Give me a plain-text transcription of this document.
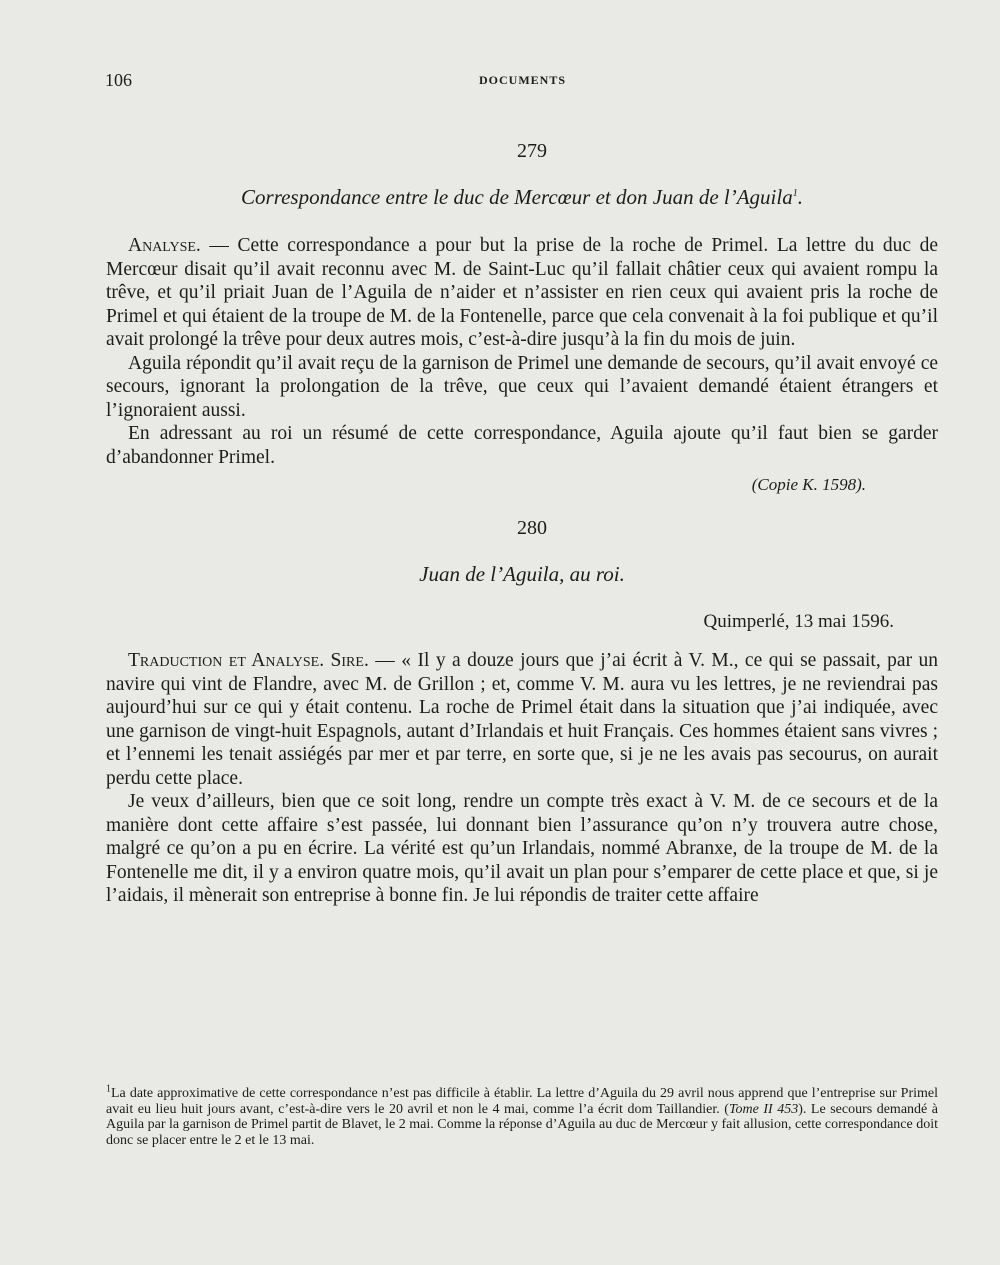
106	DOCUMENTS
279
Correspondance entre le duc de Mercœur et don Juan de l’Aguila$^1$.

Analyse. — Cette correspondance a pour but la prise de la roche de Primel. La lettre du duc de Mercœur disait qu’il avait reconnu avec M. de Saint-Luc qu’il fallait châtier ceux qui avaient rompu la trêve, et qu’il priait Juan de l’Aguila de n’aider et n’assister en rien ceux qui avaient pris la roche de Primel et qui étaient de la troupe de M. de la Fontenelle, parce que cela convenait à la foi publique et qu’il avait prolongé la trêve pour deux autres mois, c’est-à-dire jusqu’à la fin du mois de juin.

Aguila répondit qu’il avait reçu de la garnison de Primel une demande de secours, qu’il avait envoyé ce secours, ignorant la prolongation de la trêve, que ceux qui l’avaient demandé étaient étrangers et l’ignoraient aussi.

En adressant au roi un résumé de cette correspondance, Aguila ajoute qu’il faut bien se garder d’abandonner Primel.

(Copie K. 1598).
280
Juan de l’Aguila, au roi.
Quimperlé, 13 mai 1596.

Traduction et Analyse. Sire. — « Il y a douze jours que j’ai écrit à V. M., ce qui se passait, par un navire qui vint de Flandre, avec M. de Grillon ; et, comme V. M. aura vu les lettres, je ne reviendrai pas aujourd’hui sur ce qui y était contenu. La roche de Primel était dans la situation que j’ai indiquée, avec une garnison de vingt-huit Espagnols, autant d’Irlandais et huit Français. Ces hommes étaient sans vivres ; et l’ennemi les tenait assiégés par mer et par terre, en sorte que, si je ne les avais pas secourus, on aurait perdu cette place.

Je veux d’ailleurs, bien que ce soit long, rendre un compte très exact à V. M. de ce secours et de la manière dont cette affaire s’est passée, lui donnant bien l’assurance qu’on n’y trouvera autre chose, malgré ce qu’on a pu en écrire. La vérité est qu’un Irlandais, nommé Abranxe, de la troupe de M. de la Fontenelle me dit, il y a environ quatre mois, qu’il avait un plan pour s’emparer de cette place et que, si je l’aidais, il mènerait son entreprise à bonne fin. Je lui répondis de traiter cette affaire

$^1$La date approximative de cette correspondance n’est pas difficile à établir. La lettre d’Aguila du 29 avril nous apprend que l’entreprise sur Primel avait eu lieu huit jours avant, c’est-à-dire vers le 20 avril et non le 4 mai, comme l’a écrit dom Taillandier. (Tome II 453). Le secours demandé à Aguila par la garnison de Primel partit de Blavet, le 2 mai. Comme la réponse d’Aguila au duc de Mercœur y fait allusion, cette correspondance doit donc se placer entre le 2 et le 13 mai.
